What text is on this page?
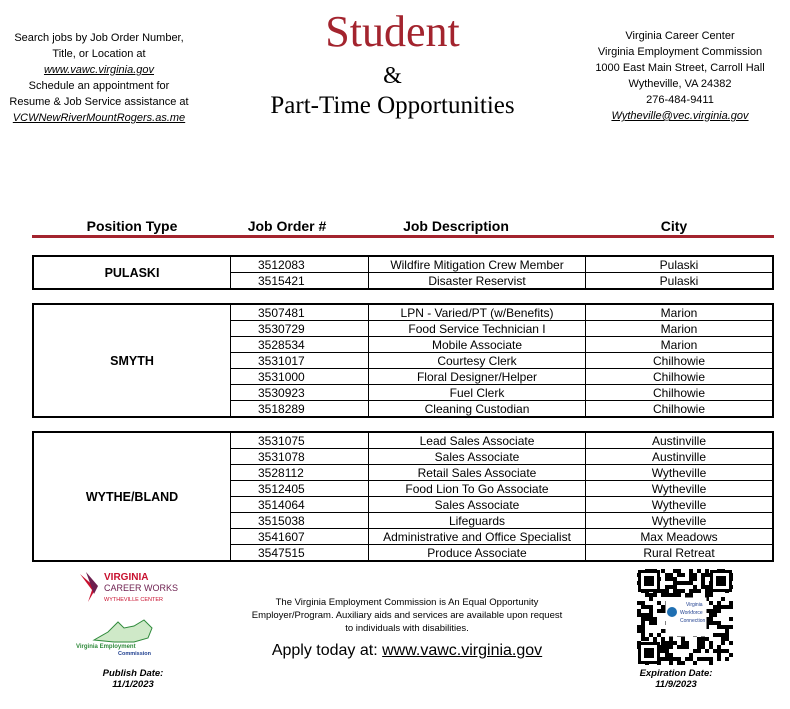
Search jobs by Job Order Number,
Title, or Location at
www.vawc.virginia.gov
Schedule an appointment for
Resume & Job Service assistance at
VCWNewRiverMountRogers.as.me
Student
&
Part-Time Opportunities
Virginia Career Center
Virginia Employment Commission
1000 East Main Street, Carroll Hall
Wytheville, VA 24382
276-484-9411
Wytheville@vec.virginia.gov
Position Type	Job Order #	Job Description	City
PULASKI	3512083	Wildfire Mitigation Crew Member	Pulaski
	3515421	Disaster Reservist	Pulaski
SMYTH	3507481	LPN - Varied/PT (w/Benefits)	Marion
	3530729	Food Service Technician I	Marion
	3528534	Mobile Associate	Marion
	3531017	Courtesy Clerk	Chilhowie
	3531000	Floral Designer/Helper	Chilhowie
	3530923	Fuel Clerk	Chilhowie
	3518289	Cleaning Custodian	Chilhowie
WYTHE/BLAND	3531075	Lead Sales Associate	Austinville
	3531078	Sales Associate	Austinville
	3528112	Retail Sales Associate	Wytheville
	3512405	Food Lion To Go Associate	Wytheville
	3514064	Sales Associate	Wytheville
	3515038	Lifeguards	Wytheville
	3541607	Administrative and Office Specialist	Max Meadows
	3547515	Produce Associate	Rural Retreat
VIRGINIA
CAREER WORKS
WYTHEVILLE CENTER
Virginia Employment
Commission
The Virginia Employment Commission is An Equal Opportunity
Employer/Program. Auxiliary aids and services are available upon request
to individuals with disabilities.
Apply today at: www.vawc.virginia.gov
Publish Date:
11/1/2023
Virginia
Workforce
Connection
Expiration Date:
11/9/2023
